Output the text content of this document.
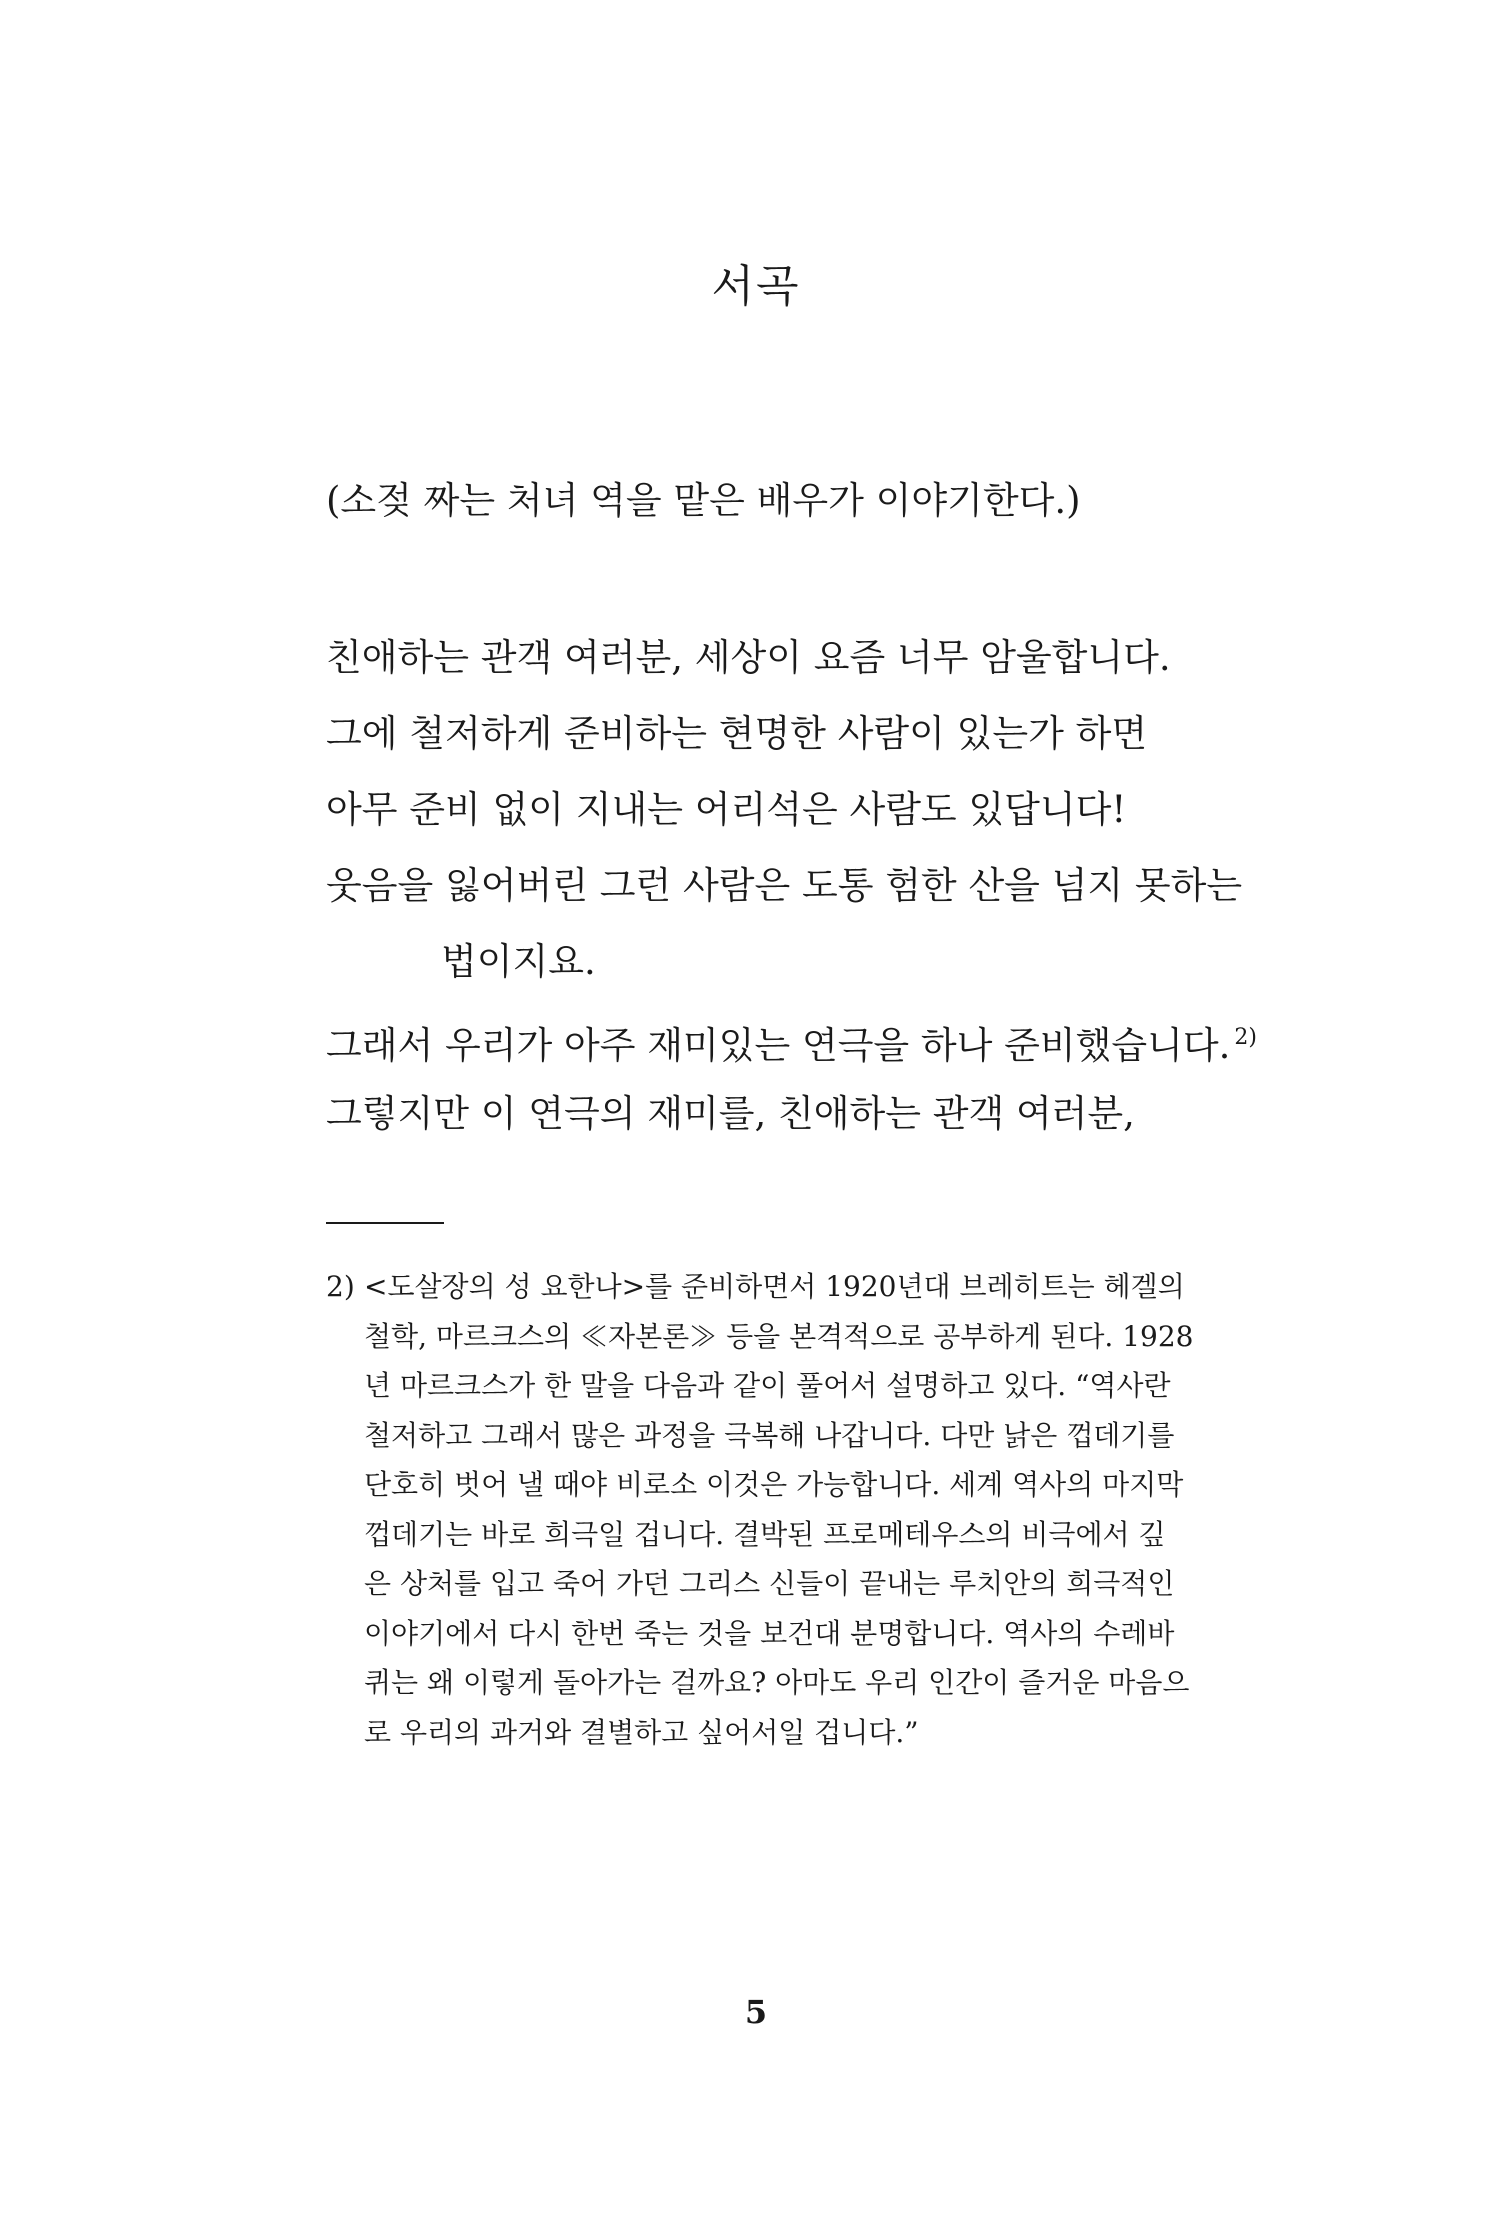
서곡
(소젖 짜는 처녀 역을 맡은 배우가 이야기한다.)
친애하는 관객 여러분, 세상이 요즘 너무 암울합니다.
그에 철저하게 준비하는 현명한 사람이 있는가 하면
아무 준비 없이 지내는 어리석은 사람도 있답니다!
웃음을 잃어버린 그런 사람은 도통 험한 산을 넘지 못하는
법이지요.
그래서 우리가 아주 재미있는 연극을 하나 준비했습니다. $^{2)}$
그렇지만 이 연극의 재미를, 친애하는 관객 여러분,
2) <도살장의 성 요한나>를 준비하면서 1920년대 브레히트는 헤겔의
철학, 마르크스의 ≪자본론≫ 등을 본격적으로 공부하게 된다. 1928
년 마르크스가 한 말을 다음과 같이 풀어서 설명하고 있다. “역사란
철저하고 그래서 많은 과정을 극복해 나갑니다. 다만 낡은 껍데기를
단호히 벗어 낼 때야 비로소 이것은 가능합니다. 세계 역사의 마지막
껍데기는 바로 희극일 겁니다. 결박된 프로메테우스의 비극에서 깊
은 상처를 입고 죽어 가던 그리스 신들이 끝내는 루치안의 희극적인
이야기에서 다시 한번 죽는 것을 보건대 분명합니다. 역사의 수레바
퀴는 왜 이렇게 돌아가는 걸까요? 아마도 우리 인간이 즐거운 마음으
로 우리의 과거와 결별하고 싶어서일 겁니다.”
5
